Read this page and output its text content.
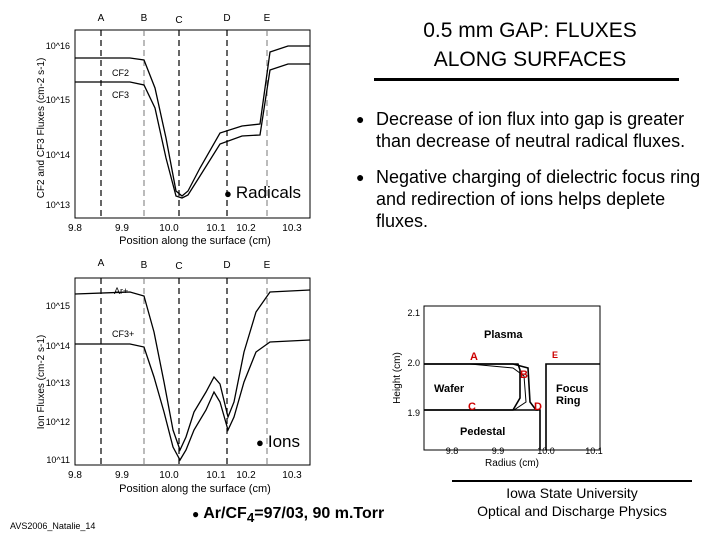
0.5 mm GAP: FLUXES
ALONG SURFACES
● Decrease of ion flux into gap is greater than decrease of neutral radical fluxes.
● Negative charging of dielectric focus ring and redirection of ions helps deplete fluxes.
A	B	C	D	E
CF2
CF3
10^16
10^15
10^14
10^13
9.8	9.9	10.0	10.1 10.2	10.3
Position along the surface (cm)
CF2 and CF3 Fluxes (cm-2 s-1)	● Radicals
A	B	C	D	E
Ar+
CF3+
10^15
10^14
10^13
10^12
10^11
9.8	9.9	10.0	10.1 10.2	10.3
Position along the surface (cm)
Ion Fluxes (cm-2 s-1)
● Ions
Plasma
Wafer
Pedestal
Focus
Ring
A
B
C	D
E
2.1
2.0
1.9
9.8	9.9	10.0	10.1
Radius (cm)
Height (cm)
AVS2006_Natalie_14
● $Ar/CF_4=97/03$, 90 m.Torr
Iowa State University
Optical and Discharge Physics
